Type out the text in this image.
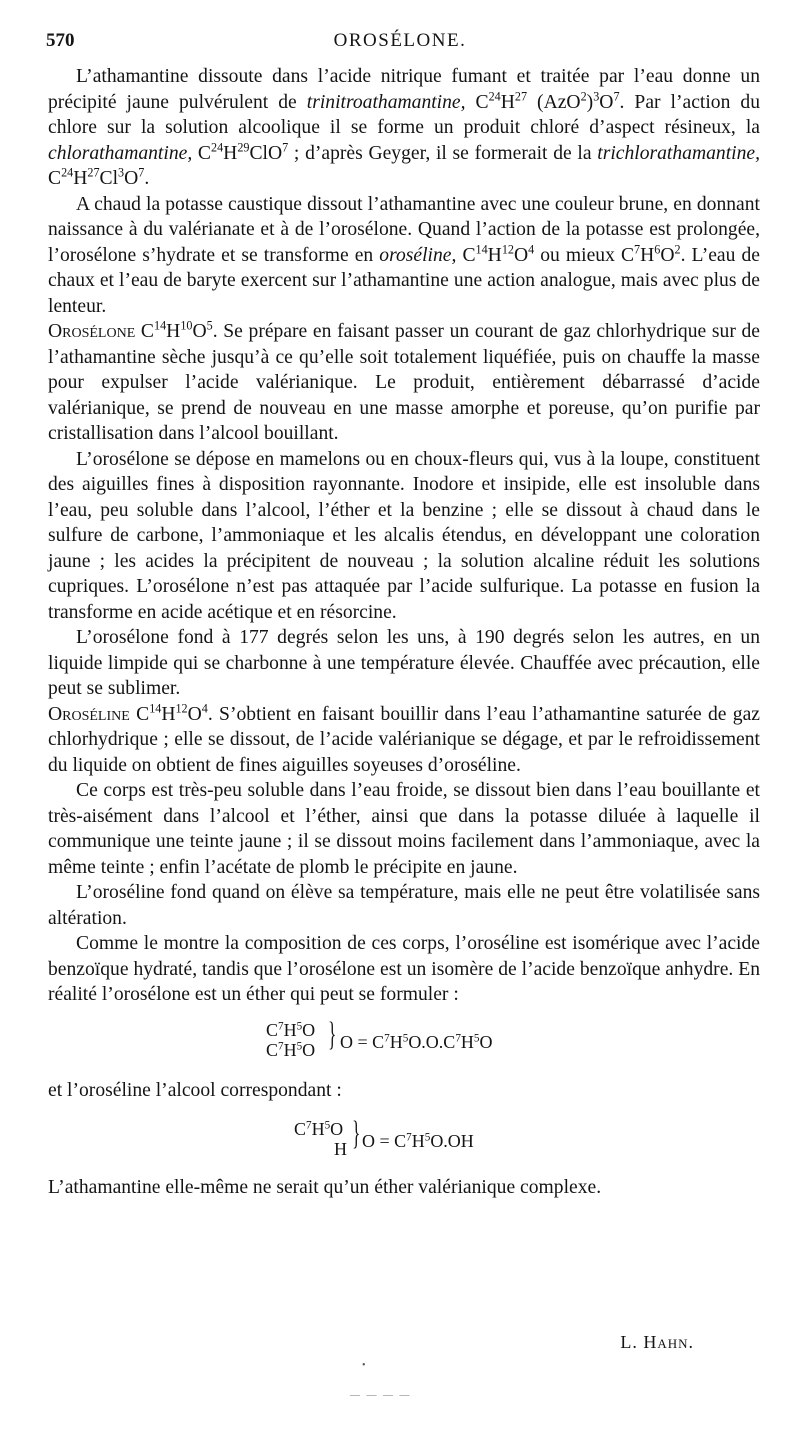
570	OROSÉLONE.

L’athamantine dissoute dans l’acide nitrique fumant et traitée par l’eau donne un précipité jaune pulvérulent de trinitroathamantine, $C^{24}H^{27}$ $(AzO^2)^3O^7$. Par l’action du chlore sur la solution alcoolique il se forme un produit chloré d’aspect résineux, la chlorathamantine, $C^{24}H^{29}ClO^7$ ; d’après Geyger, il se formerait de la trichlorathamantine, $C^{24}H^{27}Cl^3O^7$.

A chaud la potasse caustique dissout l’athamantine avec une couleur brune, en donnant naissance à du valérianate et à de l’orosélone. Quand l’action de la potasse est prolongée, l’orosélone s’hydrate et se transforme en oroséline, $C^{14}H^{12}O^4$ ou mieux $C^7H^6O^2$. L’eau de chaux et l’eau de baryte exercent sur l’athamantine une action analogue, mais avec plus de lenteur.

Orosélone $C^{14}H^{10}O^5$. Se prépare en faisant passer un courant de gaz chlorhydrique sur de l’athamantine sèche jusqu’à ce qu’elle soit totalement liquéfiée, puis on chauffe la masse pour expulser l’acide valérianique. Le produit, entièrement débarrassé d’acide valérianique, se prend de nouveau en une masse amorphe et poreuse, qu’on purifie par cristallisation dans l’alcool bouillant.

L’orosélone se dépose en mamelons ou en choux-fleurs qui, vus à la loupe, constituent des aiguilles fines à disposition rayonnante. Inodore et insipide, elle est insoluble dans l’eau, peu soluble dans l’alcool, l’éther et la benzine ; elle se dissout à chaud dans le sulfure de carbone, l’ammoniaque et les alcalis étendus, en développant une coloration jaune ; les acides la précipitent de nouveau ; la solution alcaline réduit les solutions cupriques. L’orosélone n’est pas attaquée par l’acide sulfurique. La potasse en fusion la transforme en acide acétique et en résorcine.

L’orosélone fond à 177 degrés selon les uns, à 190 degrés selon les autres, en un liquide limpide qui se charbonne à une température élevée. Chauffée avec précaution, elle peut se sublimer.

Oroséline $C^{14}H^{12}O^4$. S’obtient en faisant bouillir dans l’eau l’athamantine saturée de gaz chlorhydrique ; elle se dissout, de l’acide valérianique se dégage, et par le refroidissement du liquide on obtient de fines aiguilles soyeuses d’oroséline.

Ce corps est très-peu soluble dans l’eau froide, se dissout bien dans l’eau bouillante et très-aisément dans l’alcool et l’éther, ainsi que dans la potasse diluée à laquelle il communique une teinte jaune ; il se dissout moins facilement dans l’ammoniaque, avec la même teinte ; enfin l’acétate de plomb le précipite en jaune.

L’oroséline fond quand on élève sa température, mais elle ne peut être volatilisée sans altération.

Comme le montre la composition de ces corps, l’oroséline est isomérique avec l’acide benzoïque hydraté, tandis que l’orosélone est un isomère de l’acide benzoïque anhydre. En réalité l’orosélone est un éther qui peut se formuler :

$C^7H^5O$
$C^7H^5O$ } $O = C^7H^5O.O.C^7H^5O$

et l’oroséline l’alcool correspondant :

$C^7H^5O$
H } $O = C^7H^5O.OH$

L’athamantine elle-même ne serait qu’un éther valérianique complexe.

L. Hahn.
•
— — — —
